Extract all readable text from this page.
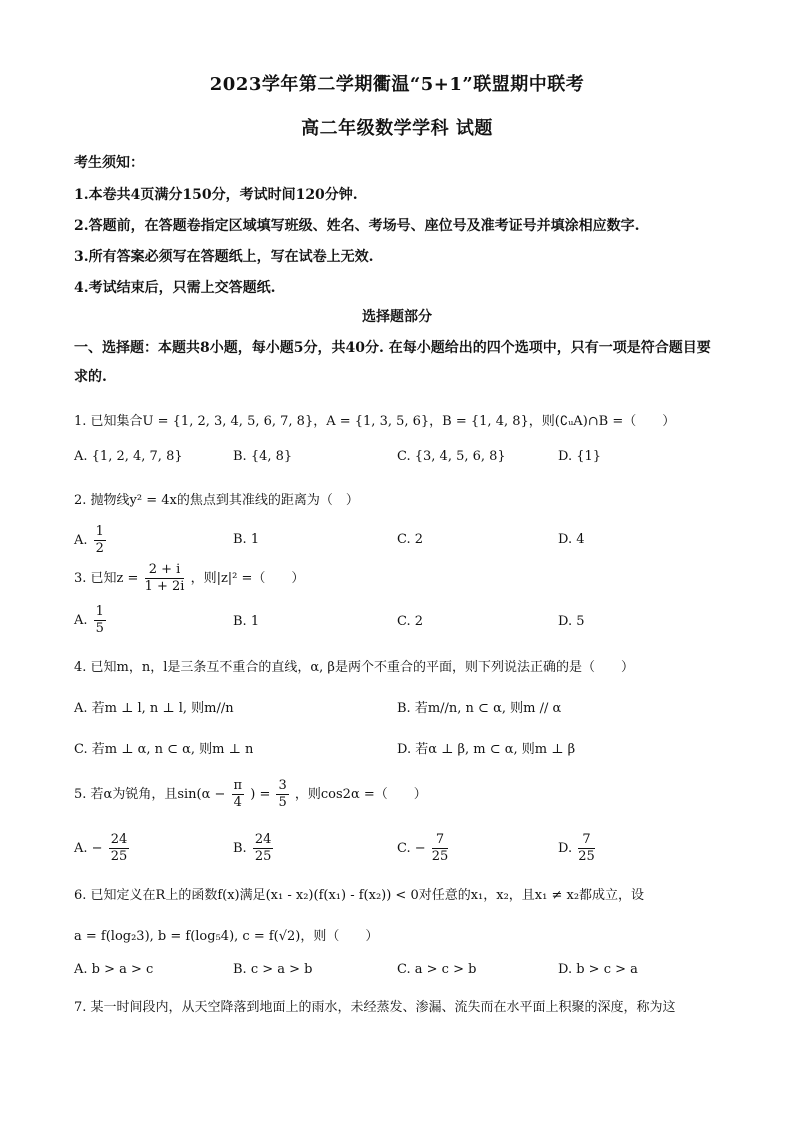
2023学年第二学期衢温“5+1”联盟期中联考
高二年级数学学科 试题
考生须知：
1.本卷共4页满分150分，考试时间120分钟.
2.答题前，在答题卷指定区域填写班级、姓名、考场号、座位号及准考证号并填涂相应数字.
3.所有答案必须写在答题纸上，写在试卷上无效.
4.考试结束后，只需上交答题纸.
选择题部分
一、选择题：本题共8小题，每小题5分，共40分. 在每小题给出的四个选项中，只有一项是符合题目要求的.
1. 已知集合U = {1, 2, 3, 4, 5, 6, 7, 8}，A = {1, 3, 5, 6}，B = {1, 4, 8}，则(∁ᵤA)∩B =（　　）
A. {1, 2, 4, 7, 8}	B. {4, 8}	C. {3, 4, 5, 6, 8}	D. {1}
2. 抛物线y² = 4x的焦点到其准线的距离为（　）
A. $\frac{1}{2}$	B. 1	C. 2	D. 4
3. 已知$z = \frac{2 + i}{1 + 2i}$ ，则|z|² =（　　）
A. $\frac{1}{5}$	B. 1	C. 2	D. 5
4. 已知m，n，l是三条互不重合的直线，α, β是两个不重合的平面，则下列说法正确的是（　　）
A. 若m ⊥ l, n ⊥ l, 则m//n	B. 若m//n, n ⊂ α, 则m // α
C. 若m ⊥ α, n ⊂ α, 则m ⊥ n	D. 若α ⊥ β, m ⊂ α, 则m ⊥ β
5. 若α为锐角，且$\sin(\alpha - \frac{\pi}{4}$ ) = $\frac{3}{5}$ ，则cos2α =（　　）
A. − $\frac{24}{25}$	B. $\frac{24}{25}$	C. − $\frac{7}{25}$	D. $\frac{7}{25}$
6. 已知定义在R上的函数f(x)满足(x₁ - x₂)(f(x₁) - f(x₂)) < 0对任意的x₁，x₂，且x₁ ≠ x₂都成立，设
a = f(log₂3), b = f(log₅4), c = f(√2)，则（　　）
A. b > a > c	B. c > a > b	C. a > c > b	D. b > c > a
7. 某一时间段内，从天空降落到地面上的雨水，未经蒸发、渗漏、流失而在水平面上积聚的深度，称为这
